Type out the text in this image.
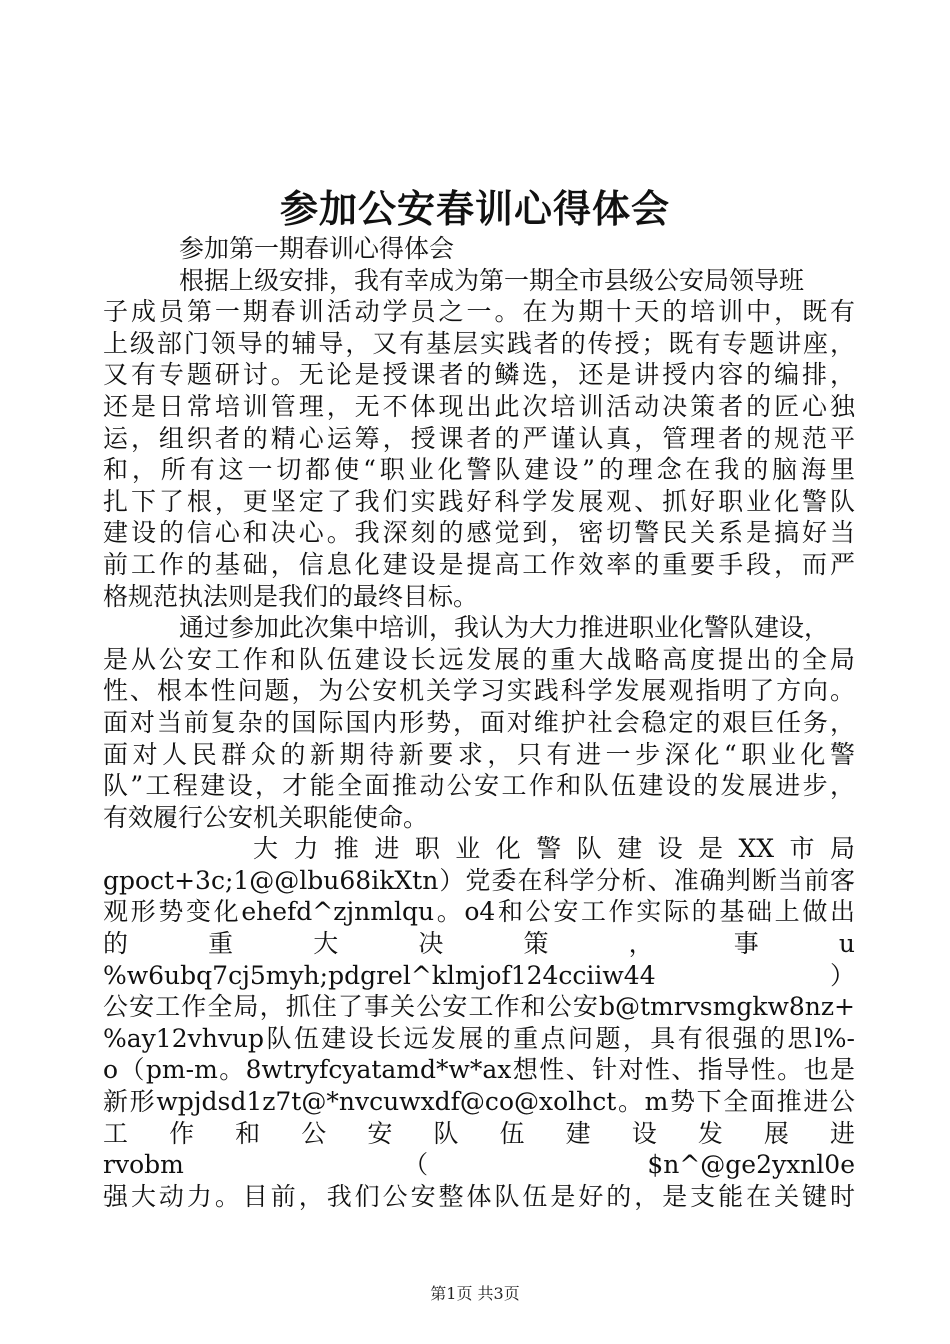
参加公安春训心得体会
参加第一期春训心得体会
根据上级安排，我有幸成为第一期全市县级公安局领导班
子成员第一期春训活动学员之一。在为期十天的培训中，既有
上级部门领导的辅导，又有基层实践者的传授；既有专题讲座，
又有专题研讨。无论是授课者的鳞选，还是讲授内容的编排，
还是日常培训管理，无不体现出此次培训活动决策者的匠心独
运，组织者的精心运筹，授课者的严谨认真，管理者的规范平
和，所有这一切都使“职业化警队建设”的理念在我的脑海里
扎下了根，更坚定了我们实践好科学发展观、抓好职业化警队
建设的信心和决心。我深刻的感觉到，密切警民关系是搞好当
前工作的基础，信息化建设是提高工作效率的重要手段，而严
格规范执法则是我们的最终目标。
通过参加此次集中培训，我认为大力推进职业化警队建设，
是从公安工作和队伍建设长远发展的重大战略高度提出的全局
性、根本性问题，为公安机关学习实践科学发展观指明了方向。
面对当前复杂的国际国内形势，面对维护社会稳定的艰巨任务，
面对人民群众的新期待新要求，只有进一步深化“职业化警
队”工程建设，才能全面推动公安工作和队伍建设的发展进步，
有效履行公安机关职能使命。
大力推进职业化警队建设是XX市局
gpoct+3c;1@@lbu68ikXtn）党委在科学分析、准确判断当前客
观形势变化ehefd^zjnmlqu。o4和公安工作实际的基础上做出
的 重 大 决 策 ， 事 u
%w6ubq7cj5myh;pdgrel^klmjof124cciiw44）
公安工作全局，抓住了事关公安工作和公安b@tmrvsmgkw8nz+
%ay12vhvup队伍建设长远发展的重点问题，具有很强的思l%-
o（pm-m。8wtryfcyatamd*w*ax想性、针对性、指导性。也是
新形wpjdsd1z7t@*nvcuwxdf@co@xolhct。m势下全面推进公
工 作 和 公 安 队 伍 建 设 发 展 进
rvobm（$n^@ge2yxnl0e
强大动力。目前，我们公安整体队伍是好的，是支能在关键时
第1页 共3页
